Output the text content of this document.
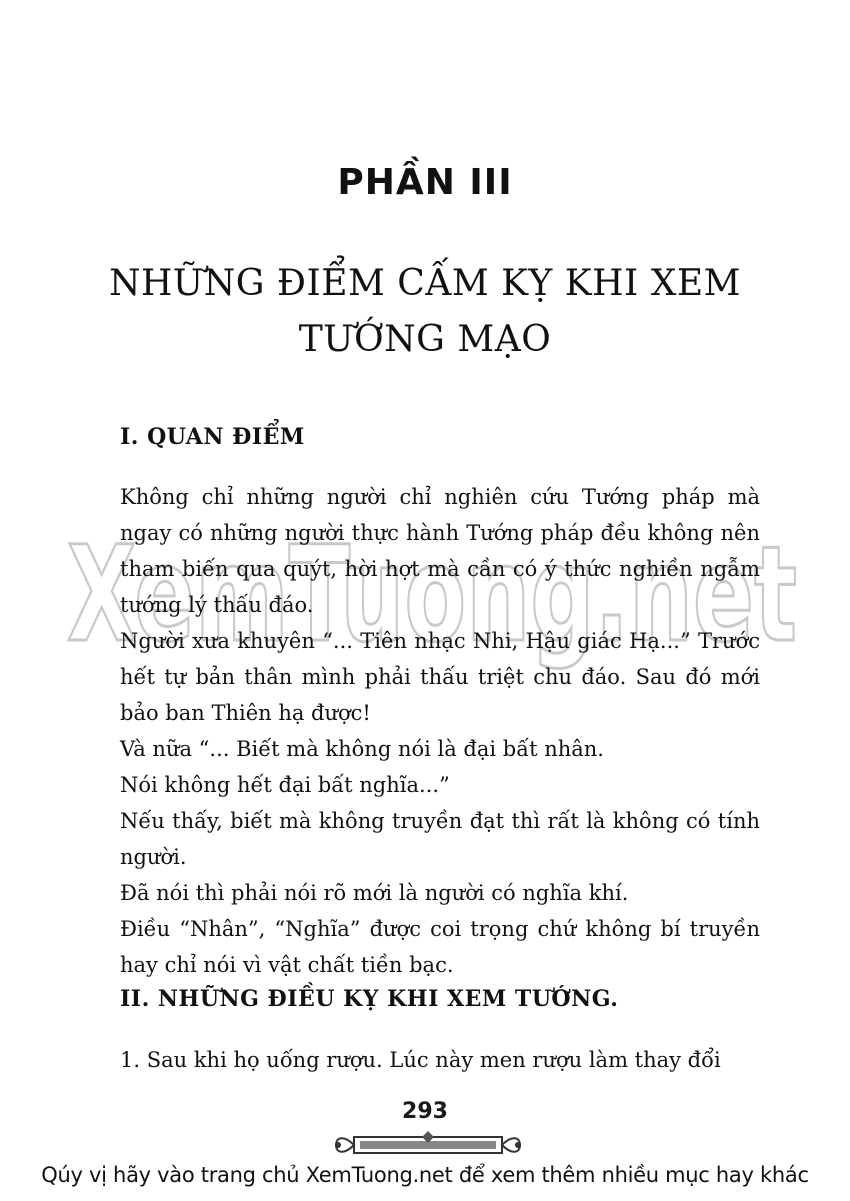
XemTuong.net
PHẦN III
NHỮNG ĐIỂM CẤM KỴ KHI XEM
TƯỚNG MẠO
I. QUAN ĐIỂM

Không chỉ những người chỉ nghiên cứu Tướng pháp mà ngay có những người thực hành Tướng pháp đều không nên tham biến qua quýt, hời hợt mà cần có ý thức nghiền ngẫm tướng lý thấu đáo.

Người xưa khuyên “... Tiên nhạc Nhi, Hậu giác Hạ...” Trước hết tự bản thân mình phải thấu triệt chu đáo. Sau đó mới bảo ban Thiên hạ được!

Và nữa “... Biết mà không nói là đại bất nhân.

Nói không hết đại bất nghĩa...”

Nếu thấy, biết mà không truyền đạt thì rất là không có tính người.

Đã nói thì phải nói rõ mới là người có nghĩa khí.

Điều “Nhân”, “Nghĩa” được coi trọng chứ không bí truyền hay chỉ nói vì vật chất tiền bạc.

II. NHỮNG ĐIỀU KỴ KHI XEM TƯỚNG.

1. Sau khi họ uống rượu. Lúc này men rượu làm thay đổi

293
Qúy vị hãy vào trang chủ XemTuong.net để xem thêm nhiều mục hay khác
